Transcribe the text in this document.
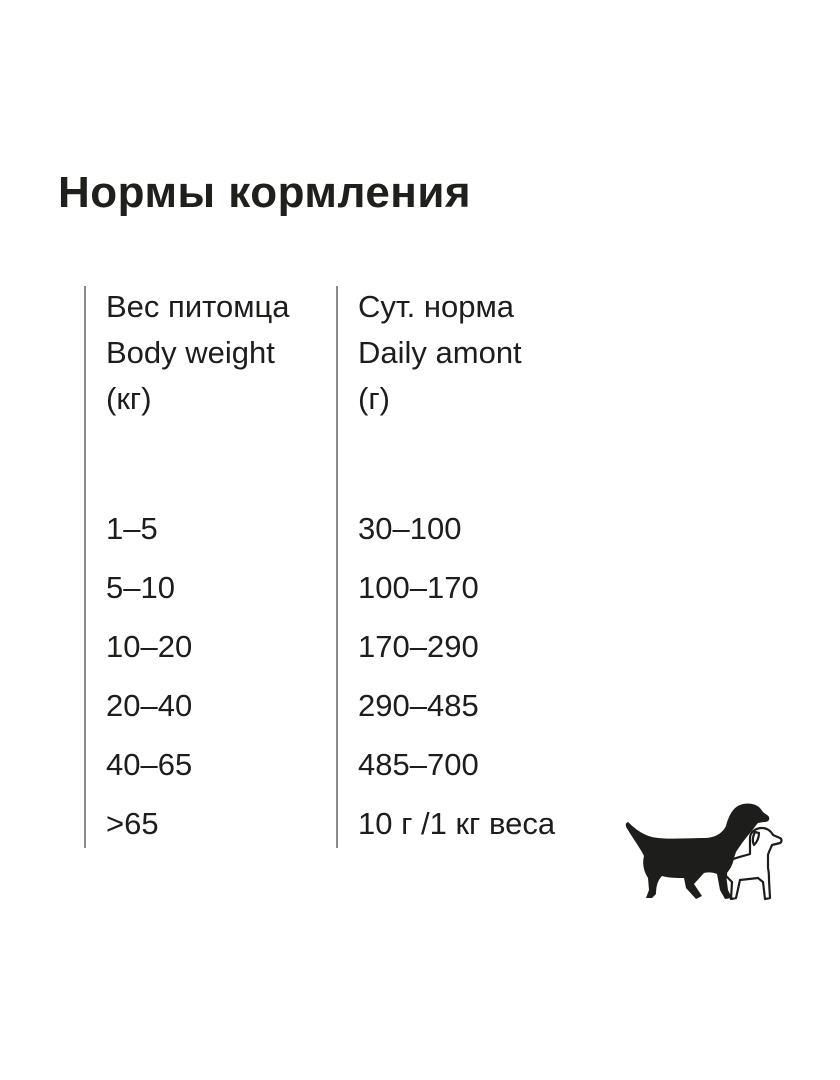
Нормы кормления
Вес питомца
Body weight
(кг)
Сут. норма
Daily amont
(г)
1–5
5–10
10–20
20–40
40–65
>65
30–100
100–170
170–290
290–485
485–700
10 г /1 кг веса
